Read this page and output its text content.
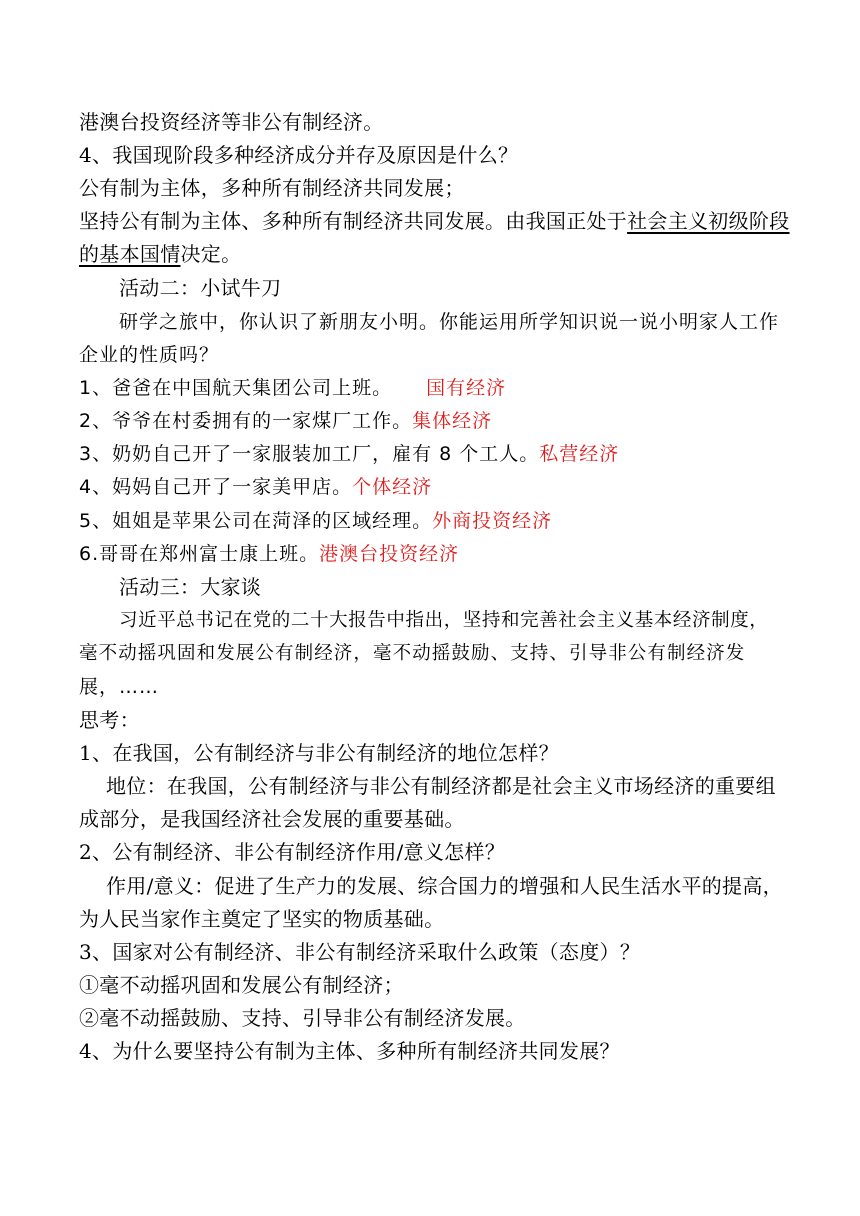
港澳台投资经济等非公有制经济。
4、我国现阶段多种经济成分并存及原因是什么？
公有制为主体，多种所有制经济共同发展；
坚持公有制为主体、多种所有制经济共同发展。由我国正处于社会主义初级阶段
的基本国情决定。
活动二：小试牛刀
研学之旅中，你认识了新朋友小明。你能运用所学知识说一说小明家人工作
企业的性质吗？
1、爸爸在中国航天集团公司上班。 国有经济
2、爷爷在村委拥有的一家煤厂工作。集体经济
3、奶奶自己开了一家服装加工厂，雇有 8 个工人。私营经济
4、妈妈自己开了一家美甲店。个体经济
5、姐姐是苹果公司在菏泽的区域经理。外商投资经济
6.哥哥在郑州富士康上班。港澳台投资经济
活动三：大家谈
习近平总书记在党的二十大报告中指出，坚持和完善社会主义基本经济制度，
毫不动摇巩固和发展公有制经济，毫不动摇鼓励、支持、引导非公有制经济发
展，……
思考：
1、在我国，公有制经济与非公有制经济的地位怎样？
地位：在我国，公有制经济与非公有制经济都是社会主义市场经济的重要组
成部分，是我国经济社会发展的重要基础。
2、公有制经济、非公有制经济作用/意义怎样？
作用/意义：促进了生产力的发展、综合国力的增强和人民生活水平的提高，
为人民当家作主奠定了坚实的物质基础。
3、国家对公有制经济、非公有制经济采取什么政策（态度）？
①毫不动摇巩固和发展公有制经济；
②毫不动摇鼓励、支持、引导非公有制经济发展。
4、为什么要坚持公有制为主体、多种所有制经济共同发展？
